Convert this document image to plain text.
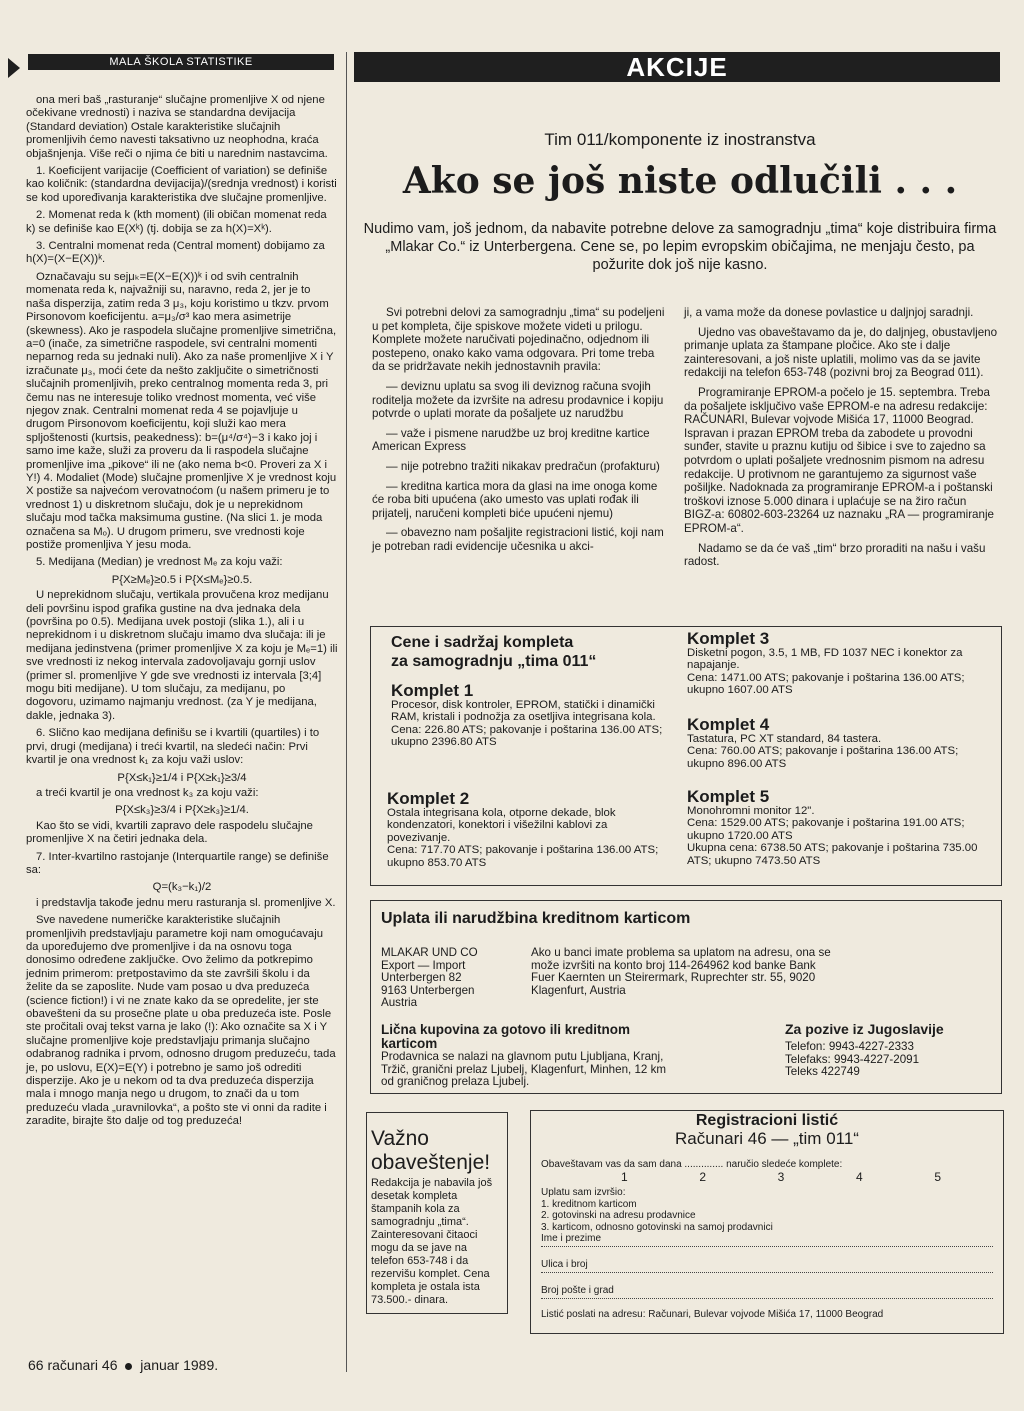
MALA ŠKOLA STATISTIKE

ona meri baš „rasturanje“ slučajne promenljive X od njene očekivane vrednosti) i naziva se standardna devijacija (Standard deviation) Ostale karakteristike slučajnih promenljivih ćemo navesti taksativno uz neophodna, kraća objašnjenja. Više reči o njima će biti u narednim nastavcima.

1. Koeficijent varijacije (Coefficient of variation) se definiše kao količnik: (standardna devijacija)/(srednja vrednost) i koristi se kod upoređivanja karakteristika dve slučajne promenljive.

2. Momenat reda k (kth moment) (ili običan momenat reda k) se definiše kao E(Xᵏ) (tj. dobija se za h(X)=Xᵏ).

3. Centralni momenat reda (Central moment) dobijamo za h(X)=(X−E(X))ᵏ.

Označavaju su sejμₖ=E(X−E(X))ᵏ i od svih centralnih momenata reda k, najvažniji su, naravno, reda 2, jer je to naša disperzija, zatim reda 3 μ₃, koju koristimo u tkzv. prvom Pirsonovom koeficijentu. a=μ₃/σ³ kao mera asimetrije (skewness). Ako je raspodela slučajne promenljive simetrična, a=0 (inače, za simetrične raspodele, svi centralni momenti neparnog reda su jednaki nuli). Ako za naše promenljive X i Y izračunate μ₃, moći ćete da nešto zaključite o simetričnosti slučajnih promenljivih, preko centralnog momenta reda 3, pri čemu nas ne interesuje toliko vrednost momenta, već više njegov znak. Centralni momenat reda 4 se pojavljuje u drugom Pirsonovom koeficijentu, koji služi kao mera spljoštenosti (kurtsis, peakedness): b=(μ⁴/σ⁴)−3 i kako joj i samo ime kaže, služi za proveru da li raspodela slučajne promenljive ima „pikove“ ili ne (ako nema b<0. Proveri za X i Y!) 4. Modaliet (Mode) slučajne promenljive X je vrednost koju X postiže sa najvećom verovatnoćom (u našem primeru je to vrednost 1) u diskretnom slučaju, dok je u neprekidnom slučaju mod tačka maksimuma gustine. (Na slici 1. je moda označena sa Mₒ). U drugom primeru, sve vrednosti koje postiže promenljiva Y jesu moda.

5. Medijana (Median) je vrednost Mₑ za koju važi:

P{X≥Mₑ}≥0.5 i P{X≤Mₑ}≥0.5.

U neprekidnom slučaju, vertikala provučena kroz medijanu deli površinu ispod grafika gustine na dva jednaka dela (površina po 0.5). Medijana uvek postoji (slika 1.), ali i u neprekidnom i u diskretnom slučaju imamo dva slučaja: ili je medijana jedinstvena (primer promenljive X za koju je Mₑ=1) ili sve vrednosti iz nekog intervala zadovoljavaju gornji uslov (primer sl. promenljive Y gde sve vrednosti iz intervala [3;4] mogu biti medijane). U tom slučaju, za medijanu, po dogovoru, uzimamo najmanju vrednost. (za Y je medijana, dakle, jednaka 3).

6. Slično kao medijana definišu se i kvartili (quartiles) i to prvi, drugi (medijana) i treći kvartil, na sledeći način: Prvi kvartil je ona vrednost k₁ za koju važi uslov:

P{X≤k₁}≥1/4 i P{X≥k₁}≥3/4

a treći kvartil je ona vrednost k₃ za koju važi:

P{X≤k₃}≥3/4 i P{X≥k₃}≥1/4.

Kao što se vidi, kvartili zapravo dele raspodelu slučajne promenljive X na četiri jednaka dela.

7. Inter-kvartilno rastojanje (Interquartile range) se definiše sa:

Q=(k₃−k₁)/2

i predstavlja takođe jednu meru rasturanja sl. promenljive X.

Sve navedene numeričke karakteristike slučajnih promenljivih predstavljaju parametre koji nam omogućavaju da upoređujemo dve promenljive i da na osnovu toga donosimo određene zaključke. Ovo želimo da potkrepimo jednim primerom: pretpostavimo da ste završili školu i da želite da se zaposlite. Nude vam posao u dva preduzeća (science fiction!) i vi ne znate kako da se opredelite, jer ste obavešteni da su prosečne plate u oba preduzeća iste. Posle ste pročitali ovaj tekst varna je lako (!): Ako označite sa X i Y slučajne promenljive koje predstavljaju primanja slučajno odabranog radnika i prvom, odnosno drugom preduzeću, tada je, po uslovu, E(X)=E(Y) i potrebno je samo još odrediti disperzije. Ako je u nekom od ta dva preduzeća disperzija mala i mnogo manja nego u drugom, to znači da u tom preduzeću vlada „uravnilovka“, a pošto ste vi onni da radite i zaradite, birajte što dalje od tog preduzeća!

66 računari 46 januar 1989.
AKCIJE
Tim 011/komponente iz inostranstva
Ako se još niste odlučili . . .
Nudimo vam, još jednom, da nabavite potrebne delove za samogradnju „tima“ koje distribuira firma „Mlakar Co.“ iz Unterbergena. Cene se, po lepim evropskim običajima, ne menjaju često, pa požurite dok još nije kasno.

Svi potrebni delovi za samogradnju „tima“ su podeljeni u pet kompleta, čije spiskove možete videti u prilogu. Komplete možete naručivati pojedinačno, odjednom ili postepeno, onako kako vama odgovara. Pri tome treba da se pridržavate nekih jednostavnih pravila:

— deviznu uplatu sa svog ili deviznog računa svojih roditelja možete da izvršite na adresu prodavnice i kopiju potvrde o uplati morate da pošaljete uz narudžbu

— važe i pismene narudžbe uz broj kreditne kartice American Express

— nije potrebno tražiti nikakav predračun (profakturu)

— kreditna kartica mora da glasi na ime onoga kome će roba biti upućena (ako umesto vas uplati rođak ili prijatelj, naručeni kompleti biće upućeni njemu)

— obavezno nam pošaljite registracioni listić, koji nam je potreban radi evidencije učesnika u akci-

ji, a vama može da donese povlastice u daljnjoj saradnji.

Ujedno vas obaveštavamo da je, do daljnjeg, obustavljeno primanje uplata za štampane pločice. Ako ste i dalje zainteresovani, a još niste uplatili, molimo vas da se javite redakciji na telefon 653-748 (pozivni broj za Beograd 011).

Programiranje EPROM-a počelo je 15. septembra. Treba da pošaljete isključivo vaše EPROM-e na adresu redakcije: RAČUNARI, Bulevar vojvode Mišića 17, 11000 Beograd. Ispravan i prazan EPROM treba da zabodete u provodni sunđer, stavite u praznu kutiju od šibice i sve to zajedno sa potvrdom o uplati pošaljete vrednosnim pismom na adresu redakcije. U protivnom ne garantujemo za sigurnost vaše pošiljke. Nadoknada za programiranje EPROM-a i poštanski troškovi iznose 5.000 dinara i uplaćuje se na žiro račun BIGZ-a: 60802-603-23264 uz naznaku „RA — programiranje EPROM-a“.

Nadamo se da će vaš „tim“ brzo proraditi na našu i vašu radost.

Cene i sadržaj kompleta
za samogradnju „tima 011“
Komplet 1
Procesor, disk kontroler, EPROM, statički i dinamički RAM, kristali i podnožja za osetljiva integrisana kola.
Cena: 226.80 ATS; pakovanje i poštarina 136.00 ATS; ukupno 2396.80 ATS
Komplet 2
Ostala integrisana kola, otporne dekade, blok kondenzatori, konektori i višežilni kablovi za povezivanje.
Cena: 717.70 ATS; pakovanje i poštarina 136.00 ATS; ukupno 853.70 ATS
Komplet 3
Disketni pogon, 3.5, 1 MB, FD 1037 NEC i konektor za napajanje.
Cena: 1471.00 ATS; pakovanje i poštarina 136.00 ATS; ukupno 1607.00 ATS
Komplet 4
Tastatura, PC XT standard, 84 tastera.
Cena: 760.00 ATS; pakovanje i poštarina 136.00 ATS; ukupno 896.00 ATS
Komplet 5
Monohromni monitor 12".
Cena: 1529.00 ATS; pakovanje i poštarina 191.00 ATS; ukupno 1720.00 ATS
Ukupna cena: 6738.50 ATS; pakovanje i poštarina 735.00 ATS; ukupno 7473.50 ATS
Uplata ili narudžbina kreditnom karticom
MLAKAR UND CO
Export — Import
Unterbergen 82
9163 Unterbergen
Austria
Ako u banci imate problema sa uplatom na adresu, ona se može izvršiti na konto broj 114-264962 kod banke Bank Fuer Kaernten un Steirermark, Ruprechter str. 55, 9020 Klagenfurt, Austria
Lična kupovina za gotovo ili kreditnom karticom
Prodavnica se nalazi na glavnom putu Ljubljana, Kranj, Tržič, granični prelaz Ljubelj, Klagenfurt, Minhen, 12 km od graničnog prelaza Ljubelj.
Za pozive iz Jugoslavije
Telefon: 9943-4227-2333
Telefaks: 9943-4227-2091
Teleks 422749
Važno obaveštenje!
Redakcija je nabavila još desetak kompleta štampanih kola za samogradnju „tima“. Zainteresovani čitaoci mogu da se jave na telefon 653-748 i da rezervišu komplet. Cena kompleta je ostala ista 73.500.- dinara.
Registracioni listić
Računari 46 — „tim 011“
Obaveštavam vas da sam dana .............. naručio sledeće komplete:
1	2	3	4	5
Uplatu sam izvršio:
1. kreditnom karticom
2. gotovinski na adresu prodavnice
3. karticom, odnosno gotovinski na samoj prodavnici
Ime i prezime
Ulica i broj
Broj pošte i grad
Listić poslati na adresu: Računari, Bulevar vojvode Mišića 17, 11000 Beograd
